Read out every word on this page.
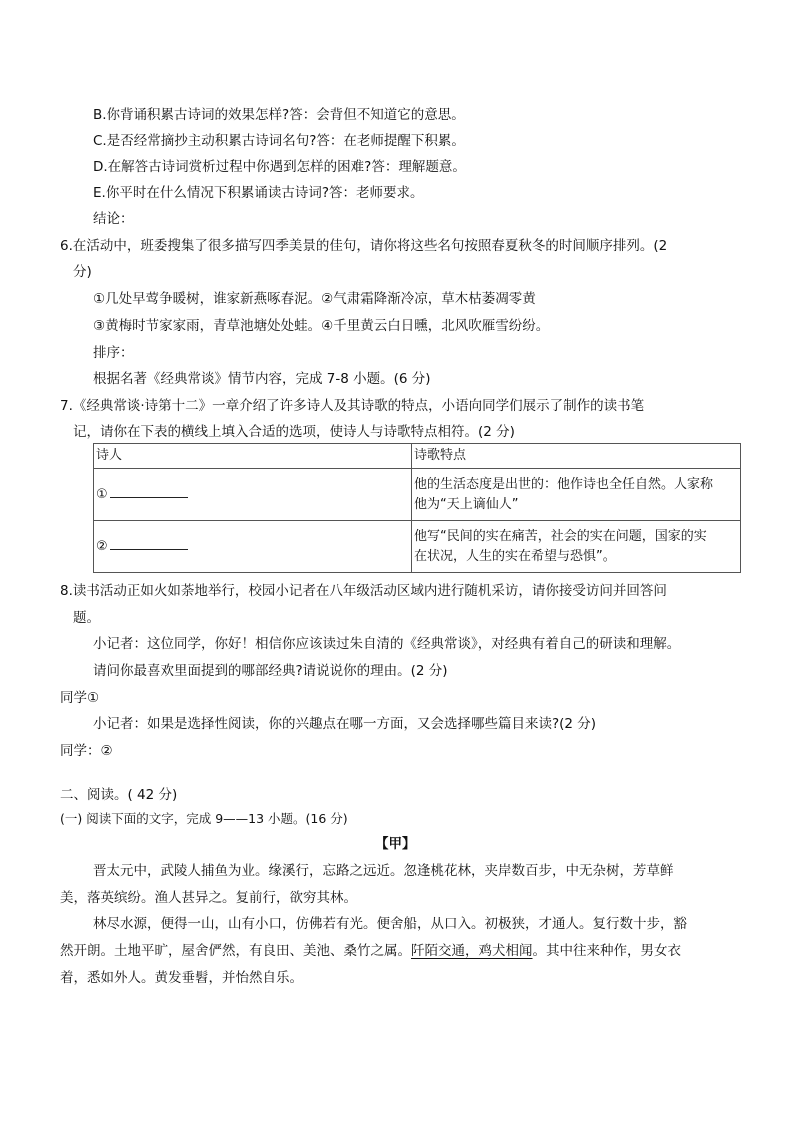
B.你背诵积累古诗词的效果怎样?答：会背但不知道它的意思。
C.是否经常摘抄主动积累古诗词名句?答：在老师提醒下积累。
D.在解答古诗词赏析过程中你遇到怎样的困难?答：理解题意。
E.你平时在什么情况下积累诵读古诗词?答：老师要求。
结论：
6.在活动中，班委搜集了很多描写四季美景的佳句，请你将这些名句按照春夏秋冬的时间顺序排列。(2
分)
①几处早莺争暖树，谁家新燕啄春泥。②气肃霜降渐冷凉，草木枯萎凋零黄
③黄梅时节家家雨，青草池塘处处蛙。④千里黄云白日曛，北风吹雁雪纷纷。
排序：
根据名著《经典常谈》情节内容，完成 7-8 小题。(6 分)
7.《经典常谈·诗第十二》一章介绍了许多诗人及其诗歌的特点，小语向同学们展示了制作的读书笔
记，请你在下表的横线上填入合适的选项，使诗人与诗歌特点相符。(2 分)
诗人	诗歌特点
①	他的生活态度是出世的：他作诗也全任自然。人家称
他为“天上谪仙人”

②	他写“民间的实在痛苦，社会的实在问题，国家的实
在状况，人生的实在希望与恐惧”。
8.读书活动正如火如荼地举行，校园小记者在八年级活动区域内进行随机采访，请你接受访问并回答问
题。
小记者：这位同学，你好！相信你应该读过朱自清的《经典常谈》，对经典有着自己的研读和理解。
请问你最喜欢里面提到的哪部经典?请说说你的理由。(2 分)
同学①
小记者：如果是选择性阅读，你的兴趣点在哪一方面，又会选择哪些篇目来读?(2 分)
同学：②
二、阅读。( 42 分)
(一) 阅读下面的文字，完成 9——13 小题。(16 分)
【甲】
晋太元中，武陵人捕鱼为业。缘溪行，忘路之远近。忽逢桃花林，夹岸数百步，中无杂树，芳草鲜
美，落英缤纷。渔人甚异之。复前行，欲穷其林。
林尽水源，便得一山，山有小口，仿佛若有光。便舍船，从口入。初极狭，才通人。复行数十步，豁
然开朗。土地平旷，屋舍俨然，有良田、美池、桑竹之属。阡陌交通，鸡犬相闻。其中往来种作，男女衣
着，悉如外人。黄发垂髫，并怡然自乐。
